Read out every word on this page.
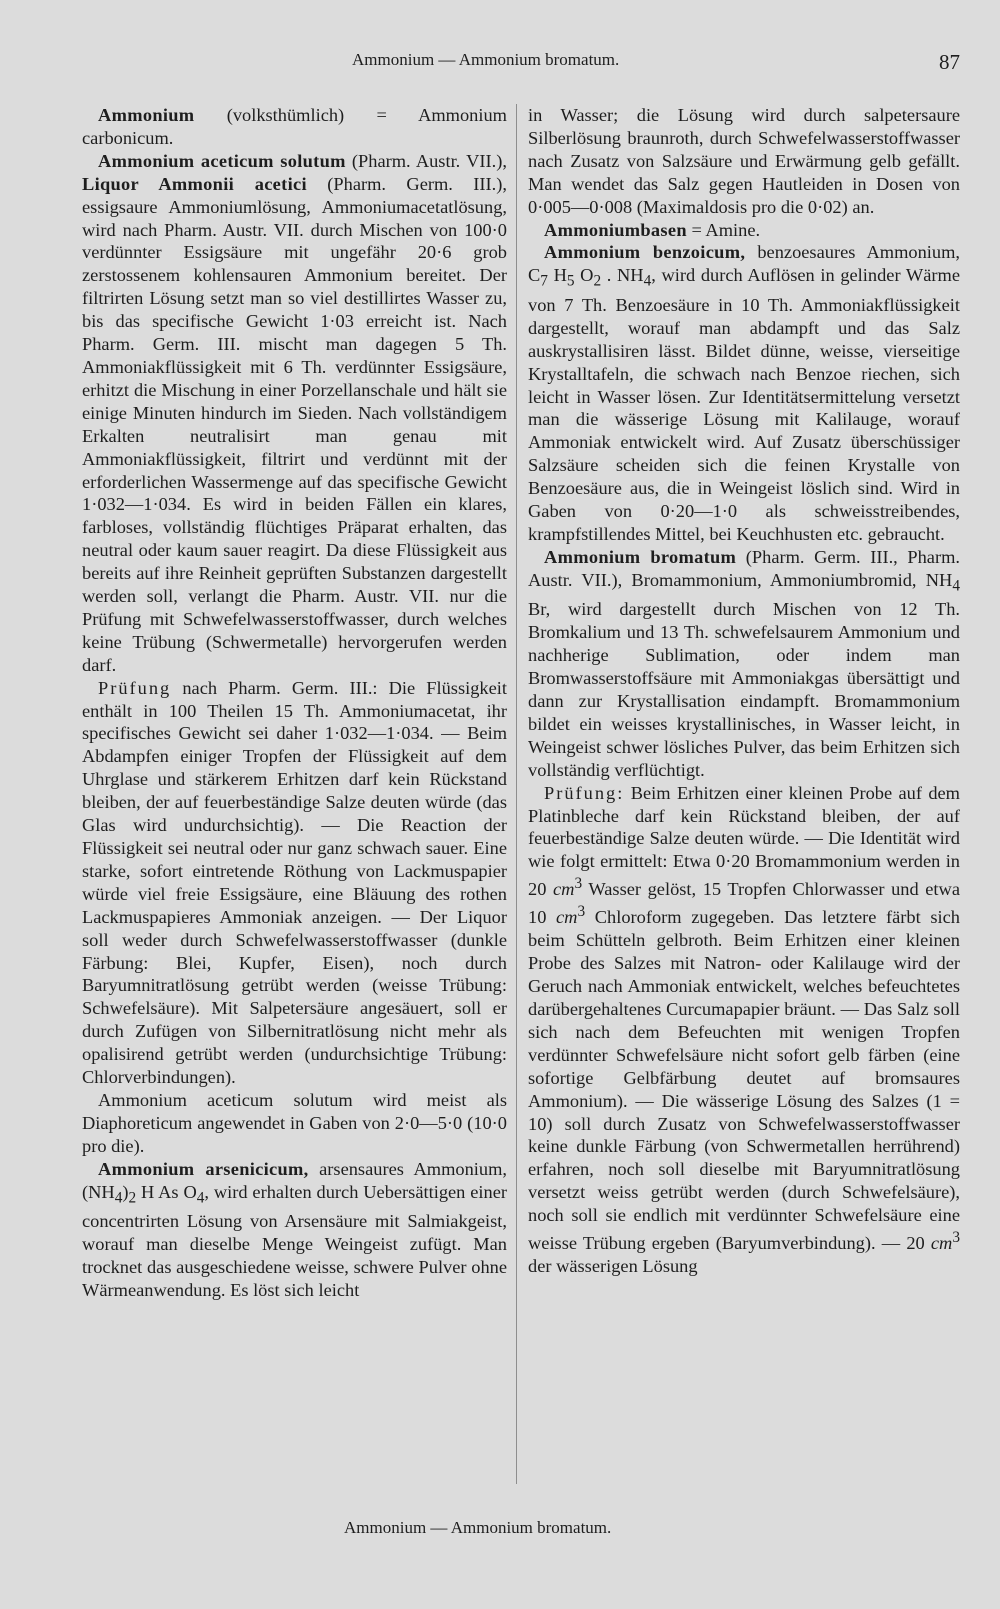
Ammonium — Ammonium bromatum.	87

Ammonium (volksthümlich) = Ammonium carbonicum.

Ammonium aceticum solutum (Pharm. Austr. VII.), Liquor Ammonii acetici (Pharm. Germ. III.), essigsaure Ammoniumlösung, Ammoniumacetatlösung, wird nach Pharm. Austr. VII. durch Mischen von 100·0 verdünnter Essigsäure mit ungefähr 20·6 grob zerstossenem kohlensauren Ammonium bereitet. Der filtrirten Lösung setzt man so viel destillirtes Wasser zu, bis das specifische Gewicht 1·03 erreicht ist. Nach Pharm. Germ. III. mischt man dagegen 5 Th. Ammoniakflüssigkeit mit 6 Th. verdünnter Essigsäure, erhitzt die Mischung in einer Porzellanschale und hält sie einige Minuten hindurch im Sieden. Nach vollständigem Erkalten neutralisirt man genau mit Ammoniakflüssigkeit, filtrirt und verdünnt mit der erforderlichen Wassermenge auf das specifische Gewicht 1·032—1·034. Es wird in beiden Fällen ein klares, farbloses, vollständig flüchtiges Präparat erhalten, das neutral oder kaum sauer reagirt. Da diese Flüssigkeit aus bereits auf ihre Reinheit geprüften Substanzen dargestellt werden soll, verlangt die Pharm. Austr. VII. nur die Prüfung mit Schwefelwasserstoffwasser, durch welches keine Trübung (Schwermetalle) hervorgerufen werden darf.

Prüfung nach Pharm. Germ. III.: Die Flüssigkeit enthält in 100 Theilen 15 Th. Ammoniumacetat, ihr specifisches Gewicht sei daher 1·032—1·034. — Beim Abdampfen einiger Tropfen der Flüssigkeit auf dem Uhrglase und stärkerem Erhitzen darf kein Rückstand bleiben, der auf feuerbeständige Salze deuten würde (das Glas wird undurchsichtig). — Die Reaction der Flüssigkeit sei neutral oder nur ganz schwach sauer. Eine starke, sofort eintretende Röthung von Lackmuspapier würde viel freie Essigsäure, eine Bläuung des rothen Lackmuspapieres Ammoniak anzeigen. — Der Liquor soll weder durch Schwefelwasserstoffwasser (dunkle Färbung: Blei, Kupfer, Eisen), noch durch Baryumnitratlösung getrübt werden (weisse Trübung: Schwefelsäure). Mit Salpetersäure angesäuert, soll er durch Zufügen von Silbernitratlösung nicht mehr als opalisirend getrübt werden (undurchsichtige Trübung: Chlorverbindungen).

Ammonium aceticum solutum wird meist als Diaphoreticum angewendet in Gaben von 2·0—5·0 (10·0 pro die).

Ammonium arsenicicum, arsensaures Ammonium, $(NH_4)_2$ H As $O_4$, wird erhalten durch Uebersättigen einer concentrirten Lösung von Arsensäure mit Salmiakgeist, worauf man dieselbe Menge Weingeist zufügt. Man trocknet das ausgeschiedene weisse, schwere Pulver ohne Wärmeanwendung. Es löst sich leicht

in Wasser; die Lösung wird durch salpetersaure Silberlösung braunroth, durch Schwefelwasserstoffwasser nach Zusatz von Salzsäure und Erwärmung gelb gefällt. Man wendet das Salz gegen Hautleiden in Dosen von 0·005—0·008 (Maximaldosis pro die 0·02) an.

Ammoniumbasen = Amine.

Ammonium benzoicum, benzoesaures Ammonium, $C_7$ $H_5$ $O_2$ . $NH_4$, wird durch Auflösen in gelinder Wärme von 7 Th. Benzoesäure in 10 Th. Ammoniakflüssigkeit dargestellt, worauf man abdampft und das Salz auskrystallisiren lässt. Bildet dünne, weisse, vierseitige Krystalltafeln, die schwach nach Benzoe riechen, sich leicht in Wasser lösen. Zur Identitätsermittelung versetzt man die wässerige Lösung mit Kalilauge, worauf Ammoniak entwickelt wird. Auf Zusatz überschüssiger Salzsäure scheiden sich die feinen Krystalle von Benzoesäure aus, die in Weingeist löslich sind. Wird in Gaben von 0·20—1·0 als schweisstreibendes, krampfstillendes Mittel, bei Keuchhusten etc. gebraucht.

Ammonium bromatum (Pharm. Germ. III., Pharm. Austr. VII.), Bromammonium, Ammoniumbromid, $NH_4$ Br, wird dargestellt durch Mischen von 12 Th. Bromkalium und 13 Th. schwefelsaurem Ammonium und nachherige Sublimation, oder indem man Bromwasserstoffsäure mit Ammoniakgas übersättigt und dann zur Krystallisation eindampft. Bromammonium bildet ein weisses krystallinisches, in Wasser leicht, in Weingeist schwer lösliches Pulver, das beim Erhitzen sich vollständig verflüchtigt.

Prüfung: Beim Erhitzen einer kleinen Probe auf dem Platinbleche darf kein Rückstand bleiben, der auf feuerbeständige Salze deuten würde. — Die Identität wird wie folgt ermittelt: Etwa 0·20 Bromammonium werden in 20 $cm^3$ Wasser gelöst, 15 Tropfen Chlorwasser und etwa 10 $cm^3$ Chloroform zugegeben. Das letztere färbt sich beim Schütteln gelbroth. Beim Erhitzen einer kleinen Probe des Salzes mit Natron- oder Kalilauge wird der Geruch nach Ammoniak entwickelt, welches befeuchtetes darübergehaltenes Curcumapapier bräunt. — Das Salz soll sich nach dem Befeuchten mit wenigen Tropfen verdünnter Schwefelsäure nicht sofort gelb färben (eine sofortige Gelbfärbung deutet auf bromsaures Ammonium). — Die wässerige Lösung des Salzes (1 = 10) soll durch Zusatz von Schwefelwasserstoffwasser keine dunkle Färbung (von Schwermetallen herrührend) erfahren, noch soll dieselbe mit Baryumnitratlösung versetzt weiss getrübt werden (durch Schwefelsäure), noch soll sie endlich mit verdünnter Schwefelsäure eine weisse Trübung ergeben (Baryumverbindung). — 20 $cm^3$ der wässerigen Lösung

Ammonium — Ammonium bromatum.
